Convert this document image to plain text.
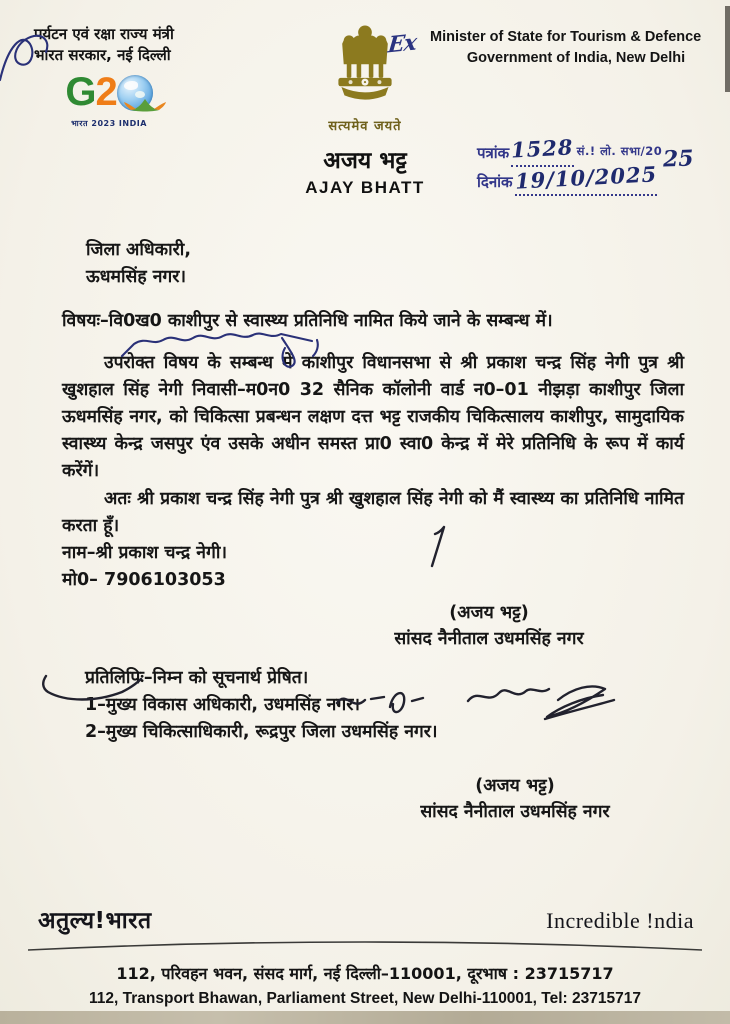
पर्यटन एवं रक्षा राज्य मंत्री
भारत सरकार, नई दिल्ली
G 2
भारत 2023 INDIA	सत्यमेव जयते
अजय भट्ट
AJAY BHATT
Ex Minister of State for Tourism & Defence
Government of India, New Delhi
पत्रांक 1528 सं.! लो. सभा/20 25
दिनांक 19/10/2025
जिला अधिकारी,
ऊधमसिंह नगर।

विषयः–वि0ख0 काशीपुर से स्वास्थ्य प्रतिनिधि नामित किये जाने के सम्बन्ध में।

उपरोक्त विषय के सम्बन्ध में काशीपुर विधानसभा से श्री प्रकाश चन्द्र सिंह नेगी पुत्र श्री खुशहाल सिंह नेगी निवासी–म0न0 32 सैनिक कॉलोनी वार्ड न0–01 नीझड़ा काशीपुर जिला ऊधमसिंह नगर, को चिकित्सा प्रबन्धन लक्षण दत्त भट्ट राजकीय चिकित्सालय काशीपुर, सामुदायिक स्वास्थ्य केन्द्र जसपुर एंव उसके अधीन समस्त प्रा0 स्वा0 केन्द्र में मेरे प्रतिनिधि के रूप में कार्य करेंगें।

अतः श्री प्रकाश चन्द्र सिंह नेगी पुत्र श्री खुशहाल सिंह नेगी को मैं स्वास्थ्य का प्रतिनिधि नामित करता हूँ।

नाम–श्री प्रकाश चन्द्र नेगी।

मो0– 7906103053

(अजय भट्ट)
सांसद नैनीताल उधमसिंह नगर
प्रतिलिपिः–निम्न को सूचनार्थ प्रेषित।
1–मुख्य विकास अधिकारी, उधमसिंह नगर।
2–मुख्य चिकित्साधिकारी, रूद्रपुर जिला उधमसिंह नगर।
(अजय भट्ट)
सांसद नैनीताल उधमसिंह नगर
अतुल्य!भारत	Incredible !ndia
112, परिवहन भवन, संसद मार्ग, नई दिल्ली–110001, दूरभाष : 23715717
112, Transport Bhawan, Parliament Street, New Delhi-110001, Tel: 23715717
